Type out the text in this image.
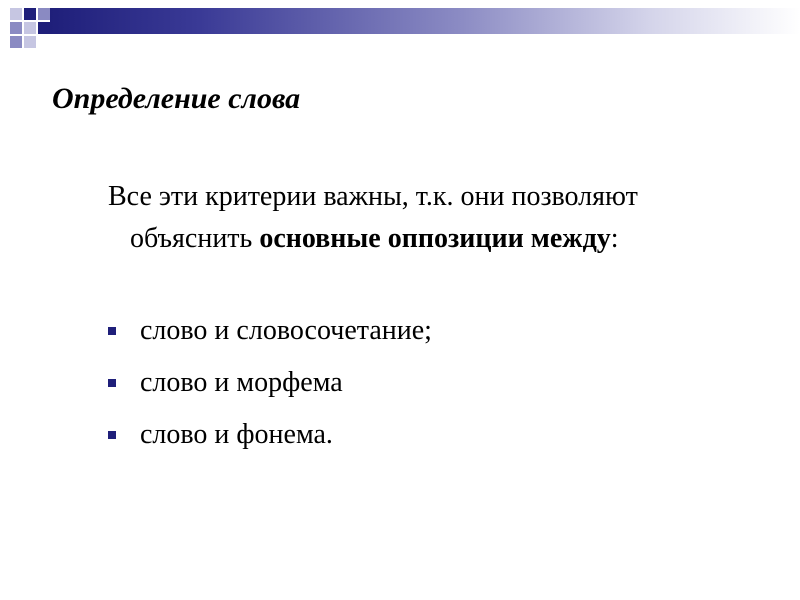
Определение слова

Все эти критерии важны, т.к. они позволяют объяснить основные оппозиции между:

слово и словосочетание;
слово и морфема
слово и фонема.
